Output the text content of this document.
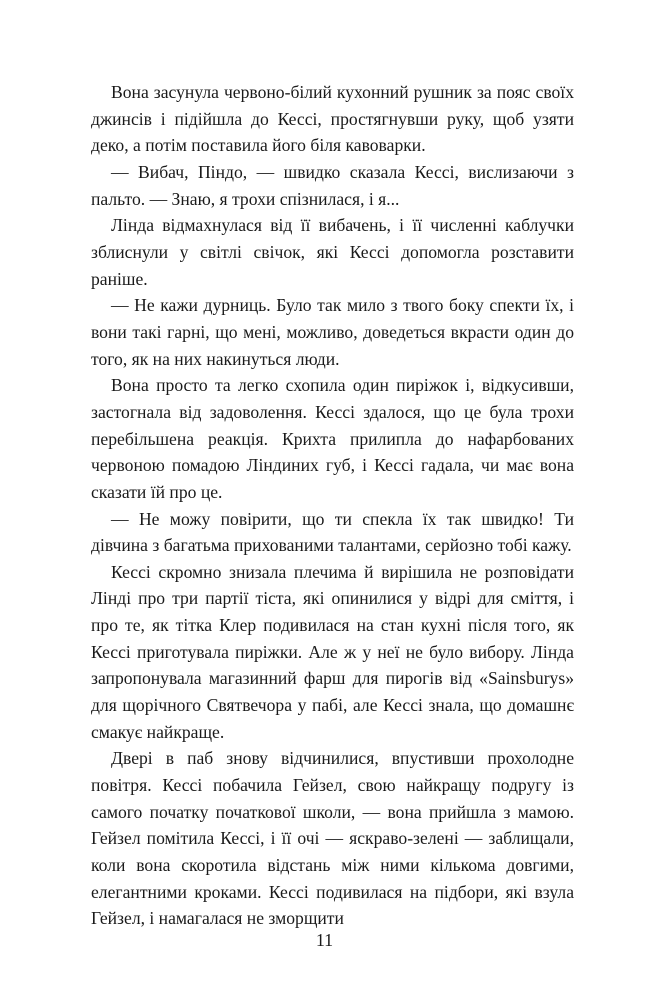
Вона засунула червоно-білий кухонний рушник за пояс своїх джинсів і підійшла до Кессі, простягнувши руку, щоб узяти деко, а потім поставила його біля кавоварки.

— Вибач, Піндо, — швидко сказала Кессі, вислизаючи з пальто. — Знаю, я трохи спізнилася, і я...

Лінда відмахнулася від її вибачень, і її численні каблучки зблиснули у світлі свічок, які Кессі допомогла розставити раніше.

— Не кажи дурниць. Було так мило з твого боку спекти їх, і вони такі гарні, що мені, можливо, доведеться вкрасти один до того, як на них накинуться люди.

Вона просто та легко схопила один пиріжок і, відкусивши, застогнала від задоволення. Кессі здалося, що це була трохи перебільшена реакція. Крихта прилипла до нафарбованих червоною помадою Ліндиних губ, і Кессі гадала, чи має вона сказати їй про це.

— Не можу повірити, що ти спекла їх так швидко! Ти дівчина з багатьма прихованими талантами, серйозно тобі кажу.

Кессі скромно знизала плечима й вирішила не розповідати Лінді про три партії тіста, які опинилися у відрі для сміття, і про те, як тітка Клер подивилася на стан кухні після того, як Кессі приготувала пиріжки. Але ж у неї не було вибору. Лінда запропонувала магазинний фарш для пирогів від «Sainsburys» для щорічного Святвечора у пабі, але Кессі знала, що домашнє смакує найкраще.

Двері в паб знову відчинилися, впустивши прохолодне повітря. Кессі побачила Гейзел, свою найкращу подругу із самого початку початкової школи, — вона прийшла з мамою. Гейзел помітила Кессі, і її очі — яскраво-зелені — заблищали, коли вона скоротила відстань між ними кількома довгими, елегантними кроками. Кессі подивилася на підбори, які взула Гейзел, і намагалася не зморщити

11
